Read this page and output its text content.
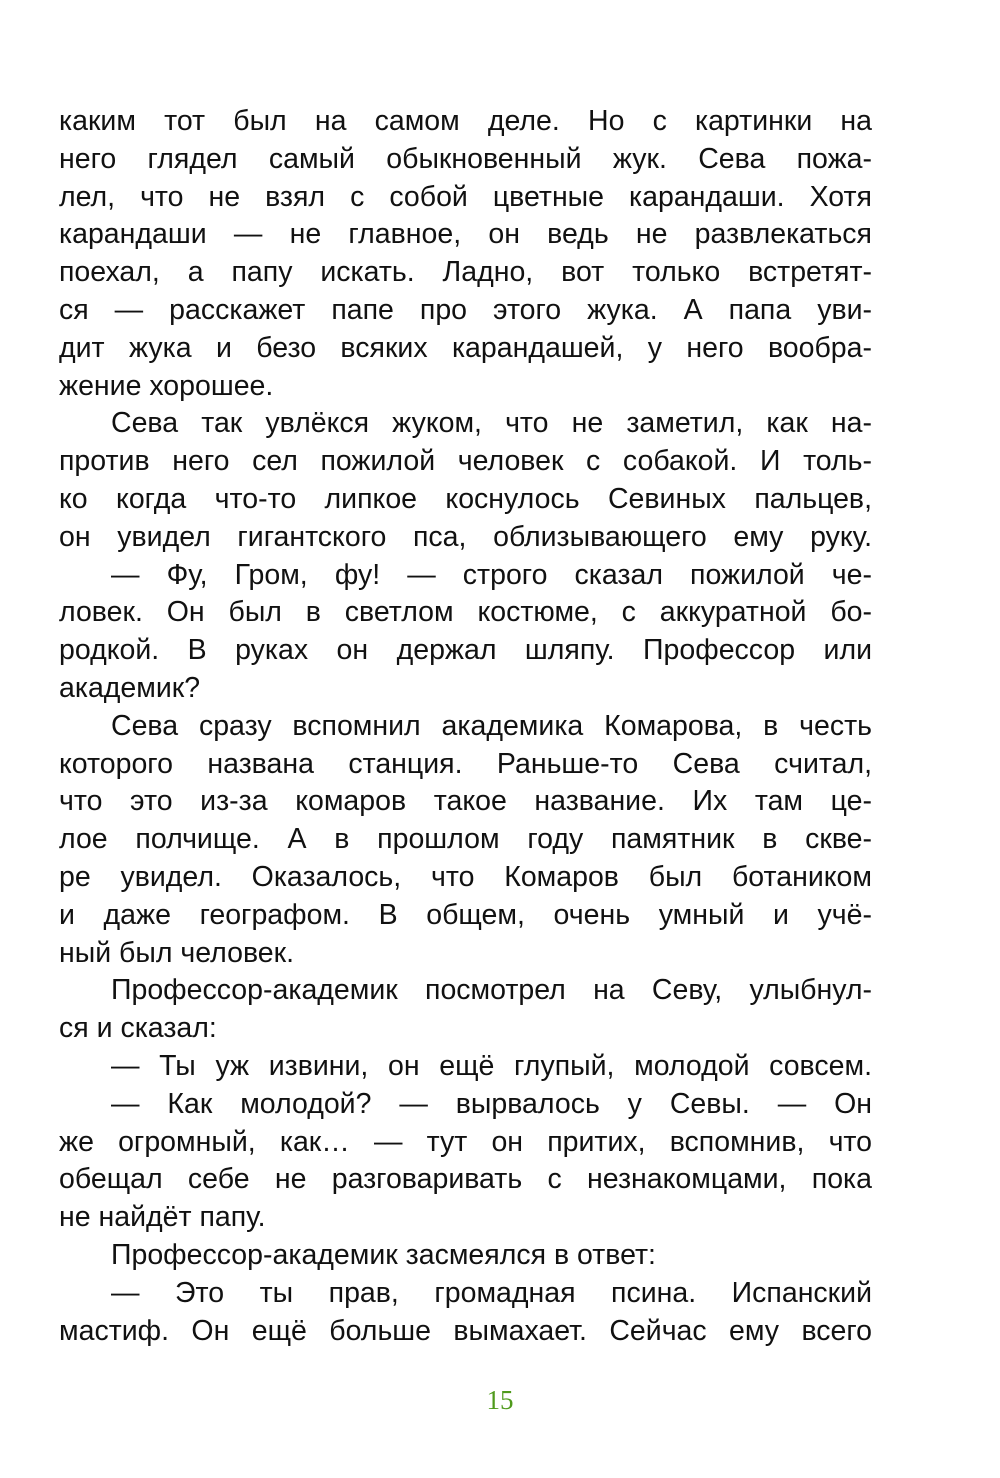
каким тот был на самом деле. Но с картинки на
него глядел самый обыкновенный жук. Сева пожа-
лел, что не взял с собой цветные карандаши. Хотя
карандаши — не главное, он ведь не развлекаться
поехал, а папу искать. Ладно, вот только встретят-
ся — расскажет папе про этого жука. А папа уви-
дит жука и безо всяких карандашей, у него вообра-
жение хорошее.
Сева так увлёкся жуком, что не заметил, как на-
против него сел пожилой человек с собакой. И толь-
ко когда что-то липкое коснулось Севиных пальцев,
он увидел гигантского пса, облизывающего ему руку.
— Фу, Гром, фу! — строго сказал пожилой че-
ловек. Он был в светлом костюме, с аккуратной бо-
родкой. В руках он держал шляпу. Профессор или
академик?
Сева сразу вспомнил академика Комарова, в честь
которого названа станция. Раньше-то Сева считал,
что это из-за комаров такое название. Их там це-
лое полчище. А в прошлом году памятник в скве-
ре увидел. Оказалось, что Комаров был ботаником
и даже географом. В общем, очень умный и учё-
ный был человек.
Профессор-академик посмотрел на Севу, улыбнул-
ся и сказал:
— Ты уж извини, он ещё глупый, молодой совсем.
— Как молодой? — вырвалось у Севы. — Он
же огромный, как… — тут он притих, вспомнив, что
обещал себе не разговаривать с незнакомцами, пока
не найдёт папу.
Профессор-академик засмеялся в ответ:
— Это ты прав, громадная псина. Испанский
мастиф. Он ещё больше вымахает. Сейчас ему всего
15
